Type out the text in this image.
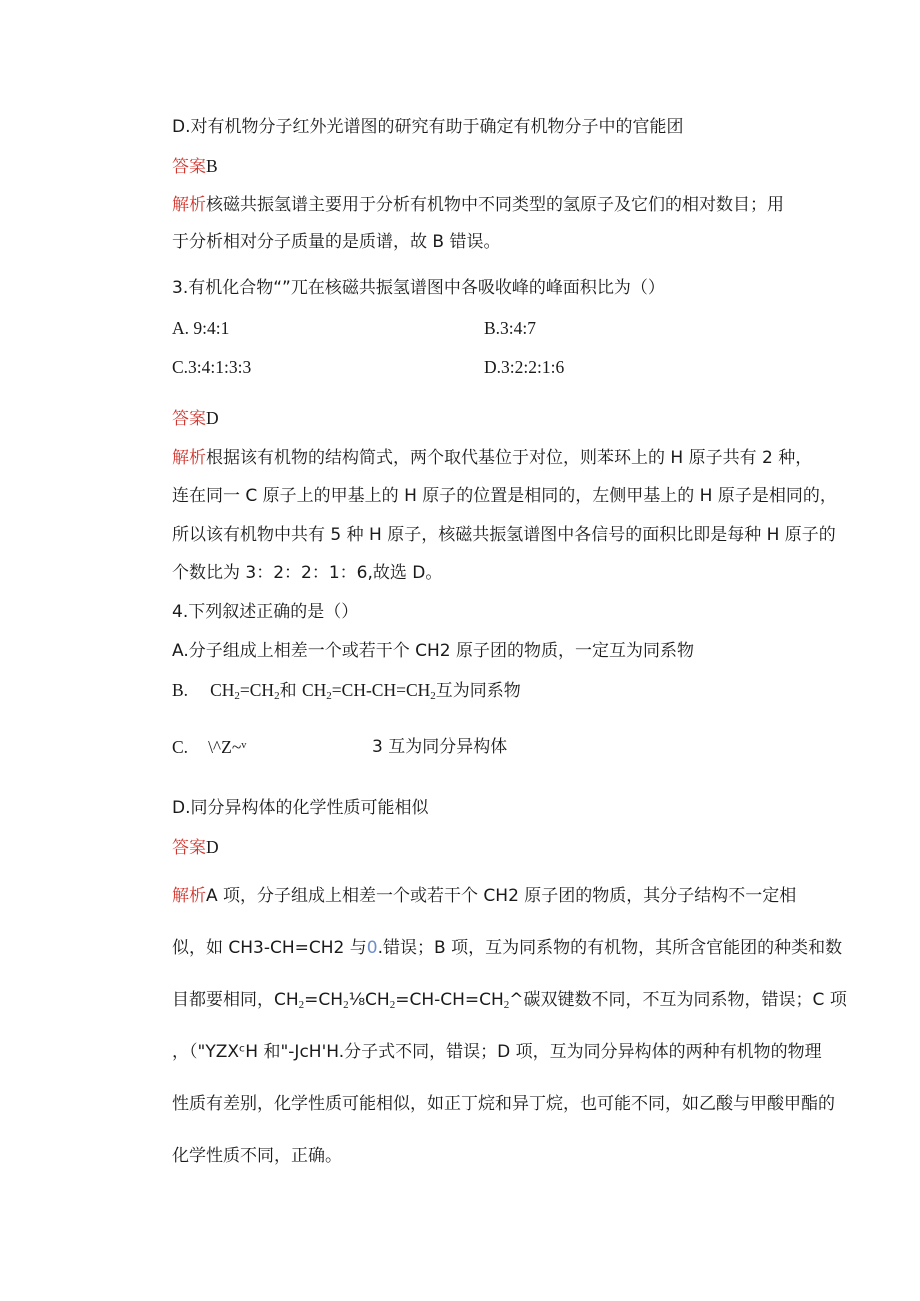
D.对有机物分子红外光谱图的研究有助于确定有机物分子中的官能团
答案B
解析核磁共振氢谱主要用于分析有机物中不同类型的氢原子及它们的相对数目；用
于分析相对分子质量的是质谱，故 B 错误。
3.有机化合物“”兀在核磁共振氢谱图中各吸收峰的峰面积比为（）
A. 9:4:1	B.3:4:7
C.3:4:1:3:3	D.3:2:2:1:6
答案D
解析根据该有机物的结构简式，两个取代基位于对位，则苯环上的 H 原子共有 2 种，
连在同一 C 原子上的甲基上的 H 原子的位置是相同的，左侧甲基上的 H 原子是相同的，
所以该有机物中共有 5 种 H 原子，核磁共振氢谱图中各信号的面积比即是每种 H 原子的
个数比为 3：2：2：1：6,故选 D。
4.下列叙述正确的是（）
A.分子组成上相差一个或若干个 CH2 原子团的物质，一定互为同系物
B. $CH_2=CH_2$和 $CH_2=CH-CH=CH_2$互为同系物
C. \^Z~ᵛ	3 互为同分异构体
D.同分异构体的化学性质可能相似
答案D
解析A 项，分子组成上相差一个或若干个 CH2 原子团的物质，其分子结构不一定相
似，如 CH3-CH=CH2 与0.错误；B 项，互为同系物的有机物，其所含官能团的种类和数
目都要相同，$CH_2=CH_2\frac{1}{8}CH_2=CH-CH=CH_2\^{}$碳双键数不同，不互为同系物，错误；C 项
，（"YZXᶜH 和"-JcH'H.分子式不同，错误；D 项，互为同分异构体的两种有机物的物理
性质有差别，化学性质可能相似，如正丁烷和异丁烷，也可能不同，如乙酸与甲酸甲酯的
化学性质不同，正确。
